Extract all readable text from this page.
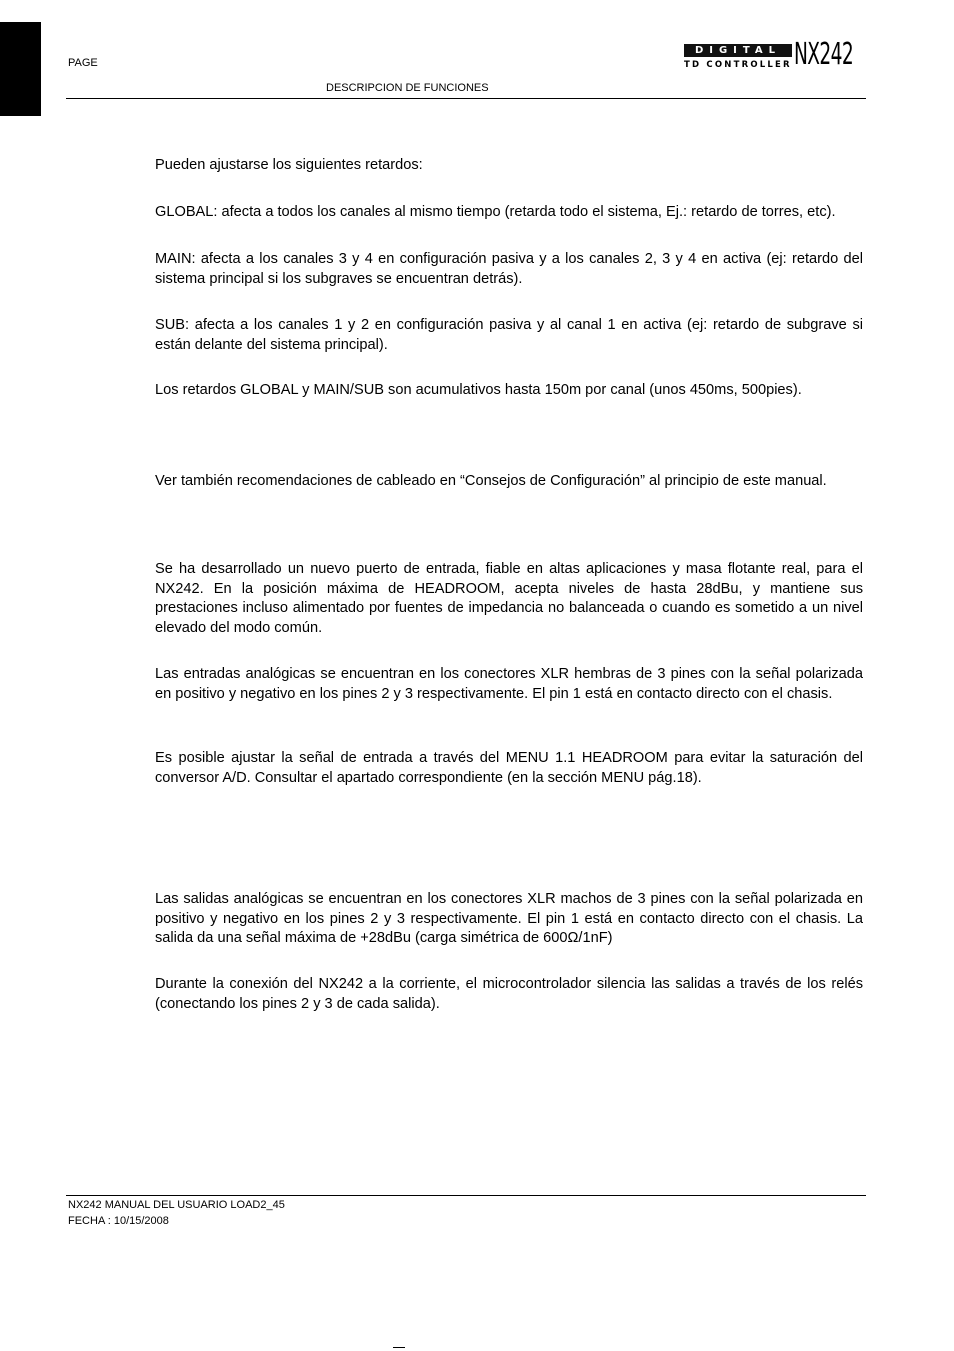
PAGE
DESCRIPCION DE FUNCIONES
DIGITAL
TD CONTROLLER NX242

Pueden ajustarse los siguientes retardos:

GLOBAL: afecta a todos los canales al mismo tiempo (retarda todo el sistema, Ej.: retardo de torres, etc).

MAIN: afecta a los canales 3 y 4 en configuración pasiva y a los canales 2, 3 y 4 en activa (ej: retardo del sistema principal si los subgraves se encuentran detrás).

SUB: afecta a los canales 1 y 2 en configuración pasiva y al canal 1 en activa (ej: retardo de subgrave si están delante del sistema principal).

Los retardos GLOBAL y MAIN/SUB son acumulativos hasta 150m por canal (unos 450ms, 500pies).

Ver también recomendaciones de cableado en “Consejos de Configuración” al principio de este manual.

Se ha desarrollado un nuevo puerto de entrada, fiable en altas aplicaciones y masa flotante real, para el NX242. En la posición máxima de HEADROOM, acepta niveles de hasta 28dBu, y mantiene sus prestaciones incluso alimentado por fuentes de impedancia no balanceada o cuando es sometido a un nivel elevado del modo común.

Las entradas analógicas se encuentran en los conectores XLR hembras de 3 pines con la señal polarizada en positivo y negativo en los pines 2 y 3 respectivamente. El pin 1 está en contacto directo con el chasis.

Es posible ajustar la señal de entrada a través del MENU 1.1 HEADROOM para evitar la saturación del conversor A/D. Consultar el apartado correspondiente (en la sección MENU pág.18).

Las salidas analógicas se encuentran en los conectores XLR machos de 3 pines con la señal polarizada en positivo y negativo en los pines 2 y 3 respectivamente. El pin 1 está en contacto directo con el chasis. La salida da una señal máxima de +28dBu (carga simétrica de 600Ω/1nF)

Durante la conexión del NX242 a la corriente, el microcontrolador silencia las salidas a través de los relés (conectando los pines 2 y 3 de cada salida).

NX242 MANUAL DEL USUARIO LOAD2_45
FECHA : 10/15/2008
